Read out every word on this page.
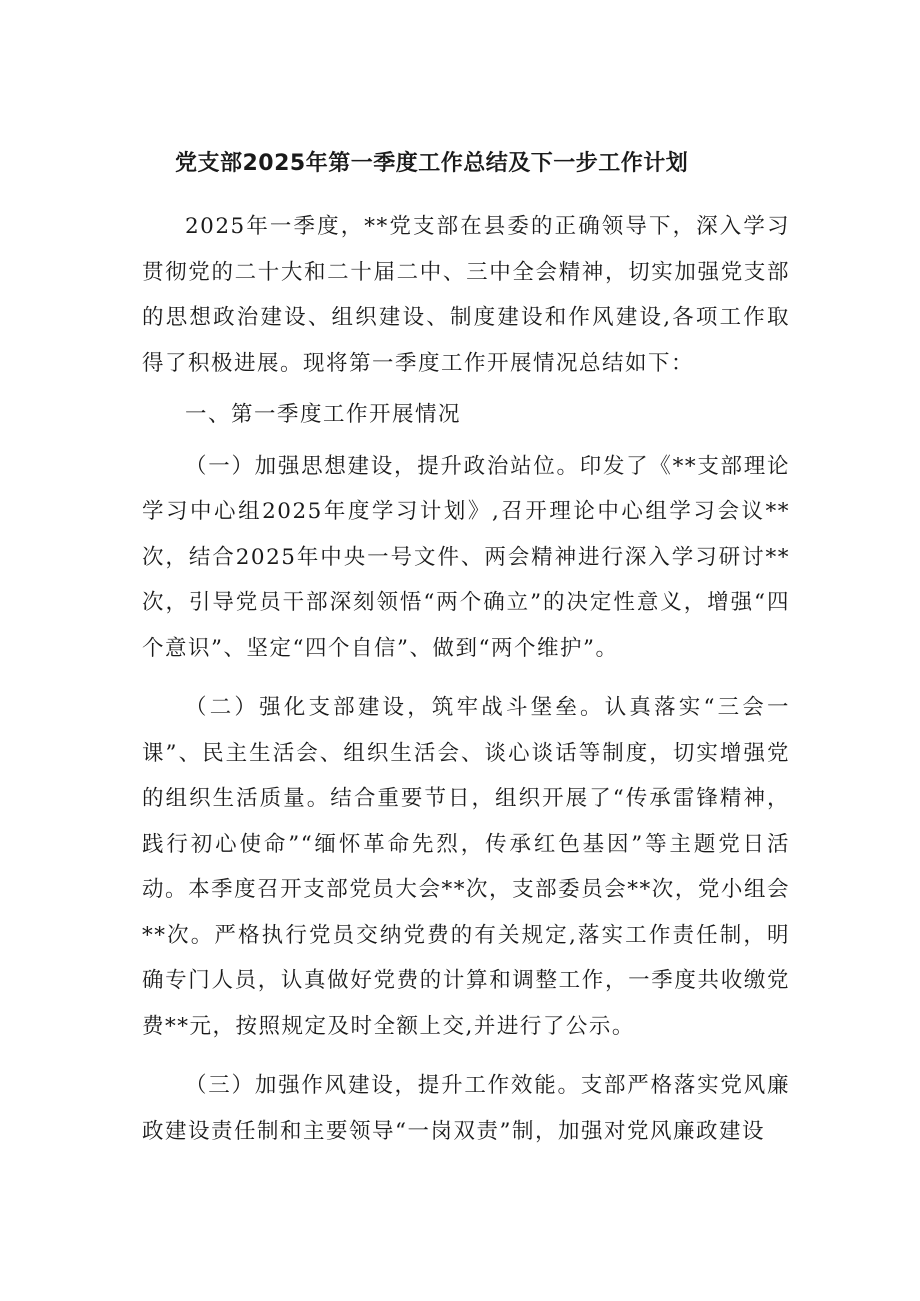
党支部2025年第一季度工作总结及下一步工作计划

2025年一季度，**党支部在县委的正确领导下，深入学习贯彻党的二十大和二十届二中、三中全会精神，切实加强党支部的思想政治建设、组织建设、制度建设和作风建设,各项工作取得了积极进展。现将第一季度工作开展情况总结如下：

一、第一季度工作开展情况

（一）加强思想建设，提升政治站位。印发了《**支部理论学习中心组2025年度学习计划》,召开理论中心组学习会议**次，结合2025年中央一号文件、两会精神进行深入学习研讨**次，引导党员干部深刻领悟“两个确立”的决定性意义，增强“四个意识”、坚定“四个自信”、做到“两个维护”。

（二）强化支部建设，筑牢战斗堡垒。认真落实“三会一课”、民主生活会、组织生活会、谈心谈话等制度，切实增强党的组织生活质量。结合重要节日，组织开展了“传承雷锋精神，践行初心使命”“缅怀革命先烈，传承红色基因”等主题党日活动。本季度召开支部党员大会**次，支部委员会**次，党小组会**次。严格执行党员交纳党费的有关规定,落实工作责任制，明确专门人员，认真做好党费的计算和调整工作，一季度共收缴党费**元，按照规定及时全额上交,并进行了公示。

（三）加强作风建设，提升工作效能。支部严格落实党风廉政建设责任制和主要领导“一岗双责”制，加强对党风廉政建设
